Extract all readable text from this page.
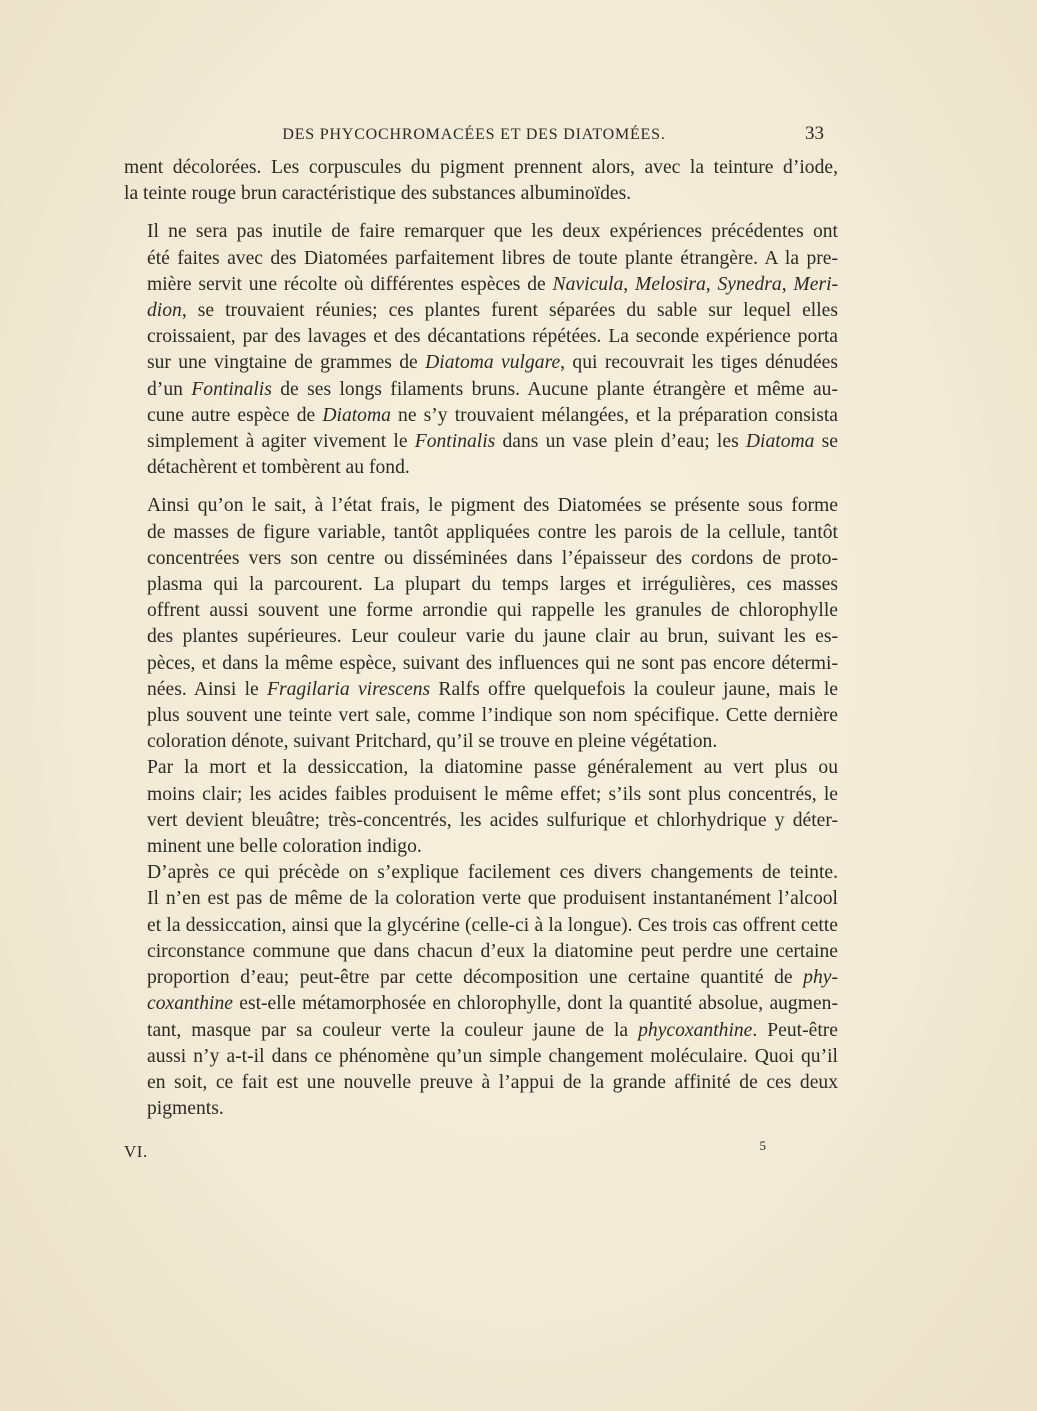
DES PHYCOCHROMACÉES ET DES DIATOMÉES.	33

ment décolorées. Les corpuscules du pigment prennent alors, avec la teinture d’iode,
la teinte rouge brun caractéristique des substances albuminoïdes.

Il ne sera pas inutile de faire remarquer que les deux expériences précédentes ont
été faites avec des Diatomées parfaitement libres de toute plante étrangère. A la pre-
mière servit une récolte où différentes espèces de Navicula, Melosira, Synedra, Meri-
dion, se trouvaient réunies; ces plantes furent séparées du sable sur lequel elles
croissaient, par des lavages et des décantations répétées. La seconde expérience porta
sur une vingtaine de grammes de Diatoma vulgare, qui recouvrait les tiges dénudées
d’un Fontinalis de ses longs filaments bruns. Aucune plante étrangère et même au-
cune autre espèce de Diatoma ne s’y trouvaient mélangées, et la préparation consista
simplement à agiter vivement le Fontinalis dans un vase plein d’eau; les Diatoma se
détachèrent et tombèrent au fond.

Ainsi qu’on le sait, à l’état frais, le pigment des Diatomées se présente sous forme
de masses de figure variable, tantôt appliquées contre les parois de la cellule, tantôt
concentrées vers son centre ou disséminées dans l’épaisseur des cordons de proto-
plasma qui la parcourent. La plupart du temps larges et irrégulières, ces masses
offrent aussi souvent une forme arrondie qui rappelle les granules de chlorophylle
des plantes supérieures. Leur couleur varie du jaune clair au brun, suivant les es-
pèces, et dans la même espèce, suivant des influences qui ne sont pas encore détermi-
nées. Ainsi le Fragilaria virescens Ralfs offre quelquefois la couleur jaune, mais le
plus souvent une teinte vert sale, comme l’indique son nom spécifique. Cette dernière
coloration dénote, suivant Pritchard, qu’il se trouve en pleine végétation.

Par la mort et la dessiccation, la diatomine passe généralement au vert plus ou
moins clair; les acides faibles produisent le même effet; s’ils sont plus concentrés, le
vert devient bleuâtre; très-concentrés, les acides sulfurique et chlorhydrique y déter-
minent une belle coloration indigo.

D’après ce qui précède on s’explique facilement ces divers changements de teinte.
Il n’en est pas de même de la coloration verte que produisent instantanément l’alcool
et la dessiccation, ainsi que la glycérine (celle-ci à la longue). Ces trois cas offrent cette
circonstance commune que dans chacun d’eux la diatomine peut perdre une certaine
proportion d’eau; peut-être par cette décomposition une certaine quantité de phy-
coxanthine est-elle métamorphosée en chlorophylle, dont la quantité absolue, augmen-
tant, masque par sa couleur verte la couleur jaune de la phycoxanthine. Peut-être
aussi n’y a-t-il dans ce phénomène qu’un simple changement moléculaire. Quoi qu’il
en soit, ce fait est une nouvelle preuve à l’appui de la grande affinité de ces deux
pigments.

VI.	5
